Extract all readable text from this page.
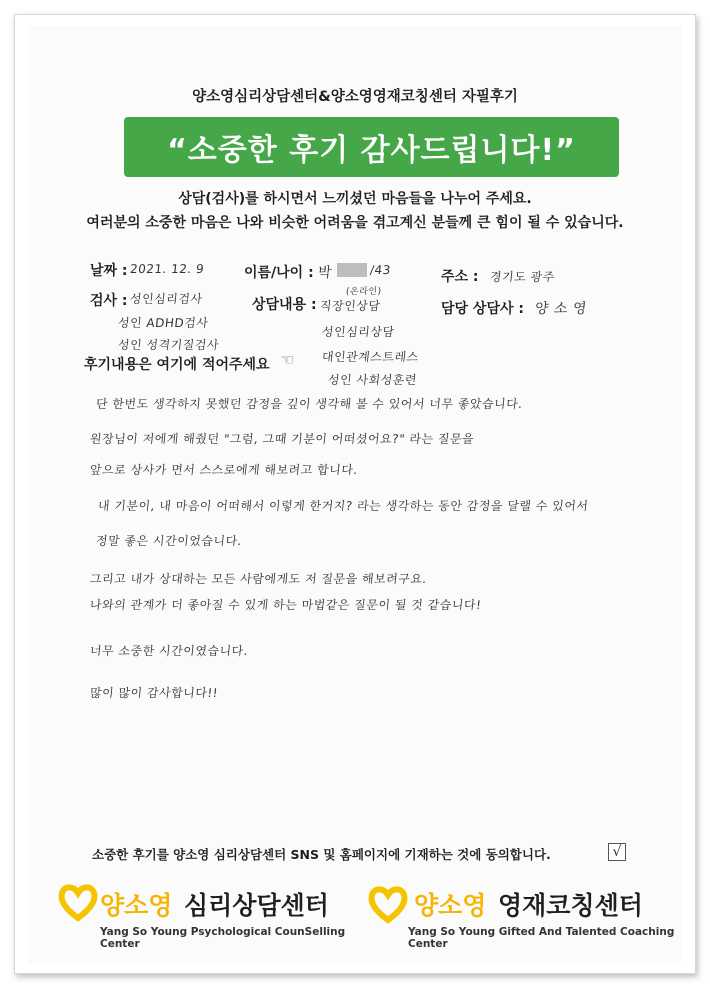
양소영심리상담센터&양소영영재코칭센터 자필후기
“소중한 후기 감사드립니다!”
상담(검사)를 하시면서 느끼셨던 마음들을 나누어 주세요.
여러분의 소중한 마음은 나와 비슷한 어려움을 겪고계신 분들께 큰 힘이 될 수 있습니다.
날짜 : 2021. 12. 9	이름/나이 : 박	/43	주소 : 경기도 광주
검사 : 성인심리검사
성인 ADHD검사
성인 성격기질검사
상담내용 :
(온라인)
직장인상담
성인심리상담
대인관계스트레스
성인 사회성훈련
담당 상담사 : 양 소 영
후기내용은 여기에 적어주세요 ☜
단 한번도 생각하지 못했던 감정을 깊이 생각해 볼 수 있어서 너무 좋았습니다.
원장님이 저에게 해줬던 "그럼, 그때 기분이 어떠셨어요?" 라는 질문을
앞으로 상사가 면서 스스로에게 해보려고 합니다.
내 기분이, 내 마음이 어떠해서 이렇게 한거지? 라는 생각하는 동안 감정을 달랠 수 있어서
정말 좋은 시간이었습니다.
그리고 내가 상대하는 모든 사람에게도 저 질문을 해보려구요.
나와의 관계가 더 좋아질 수 있게 하는 마법같은 질문이 될 것 같습니다!
너무 소중한 시간이였습니다.
많이 많이 감사합니다!!
소중한 후기를 양소영 심리상담센터 SNS 및 홈페이지에 기재하는 것에 동의합니다.	√
양소영 심리상담센터
Yang So Young Psychological CounSelling Center
양소영 영재코칭센터
Yang So Young Gifted And Talented Coaching Center
